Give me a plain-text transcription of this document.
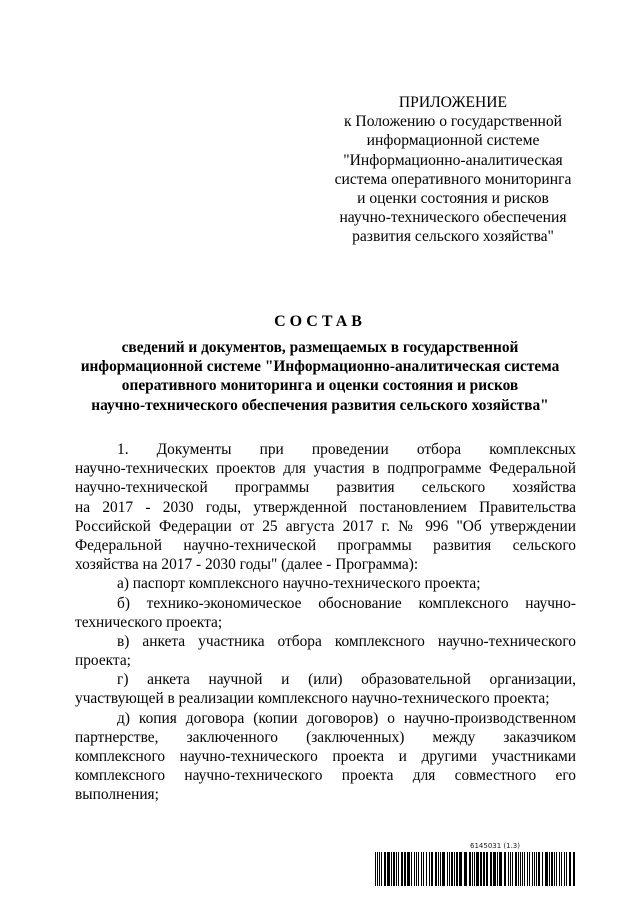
ПРИЛОЖЕНИЕ
к Положению о государственной
информационной системе
"Информационно-аналитическая
система оперативного мониторинга
и оценки состояния и рисков
научно-технического обеспечения
развития сельского хозяйства"
СОСТАВ
сведений и документов, размещаемых в государственной
информационной системе "Информационно-аналитическая система
оперативного мониторинга и оценки состояния и рисков
научно-технического обеспечения развития сельского хозяйства"
1. Документы при проведении отбора комплексных
научно-технических проектов для участия в подпрограмме Федеральной
научно-технической программы развития сельского хозяйства
на 2017 - 2030 годы, утвержденной постановлением Правительства
Российской Федерации от 25 августа 2017 г. № 996 "Об утверждении
Федеральной научно-технической программы развития сельского
хозяйства на 2017 - 2030 годы" (далее - Программа):
а) паспорт комплексного научно-технического проекта;
б) технико-экономическое обоснование комплексного научно-
технического проекта;
в) анкета участника отбора комплексного научно-технического
проекта;
г) анкета научной и (или) образовательной организации,
участвующей в реализации комплексного научно-технического проекта;
д) копия договора (копии договоров) о научно-производственном
партнерстве, заключенного (заключенных) между заказчиком
комплексного научно-технического проекта и другими участниками
комплексного научно-технического проекта для совместного его
выполнения;
6145031 (1.3)
